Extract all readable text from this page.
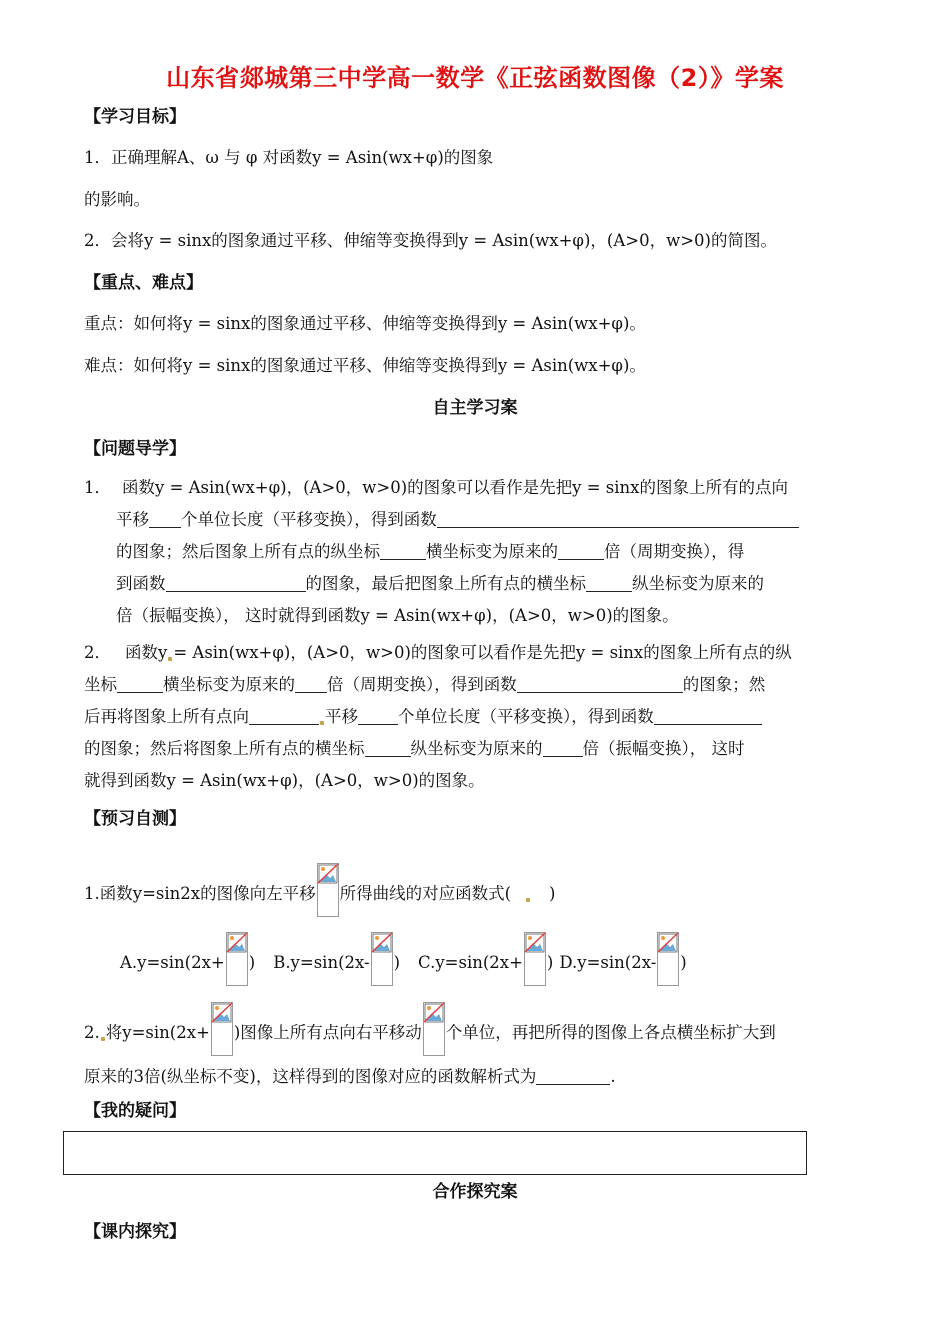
山东省郯城第三中学高一数学《正弦函数图像（2）》学案
【学习目标】
1．正确理解A、ω 与 φ 对函数y = Asin(wx+φ)的图象
的影响。
2．会将y = sinx的图象通过平移、伸缩等变换得到y = Asin(wx+φ)，(A>0，w>0)的简图。
【重点、难点】
重点：如何将y = sinx的图象通过平移、伸缩等变换得到y = Asin(wx+φ)。
难点：如何将y = sinx的图象通过平移、伸缩等变换得到y = Asin(wx+φ)。
自主学习案
【问题导学】
1． 函数y = Asin(wx+φ)，(A>0，w>0)的图象可以看作是先把y = sinx的图象上所有的点向
平移 个单位长度（平移变换），得到函数
的图象；然后图象上所有点的纵坐标	横坐标变为原来的	倍（周期变换），得
到函数	的图象，最后把图象上所有点的横坐标	纵坐标变为原来的
倍（振幅变换）， 这时就得到函数y = Asin(wx+φ)，(A>0，w>0)的图象。
2． 函数y = Asin(wx+φ)，(A>0，w>0)的图象可以看作是先把y = sinx的图象上所有点的纵
坐标	横坐标变为原来的 倍（周期变换），得到函数	的图象；然
后再将图象上所有点向	平移 个单位长度（平移变换），得到函数
的图象；然后将图象上所有点的横坐标	纵坐标变为原来的 倍（振幅变换）， 这时
就得到函数y = Asin(wx+φ)，(A>0，w>0)的图象。
【预习自测】
1.函数y=sin2x的图像向左平移 所得曲线的对应函数式( )
A.y=sin(2x+ ) B.y=sin(2x- ) C.y=sin(2x+ ) D.y=sin(2x- )
2. 将y=sin(2x+ )图像上所有点向右平移动 个单位，再把所得的图像上各点横坐标扩大到
原来的3倍(纵坐标不变)，这样得到的图像对应的函数解析式为	.
【我的疑问】
合作探究案
【课内探究】
